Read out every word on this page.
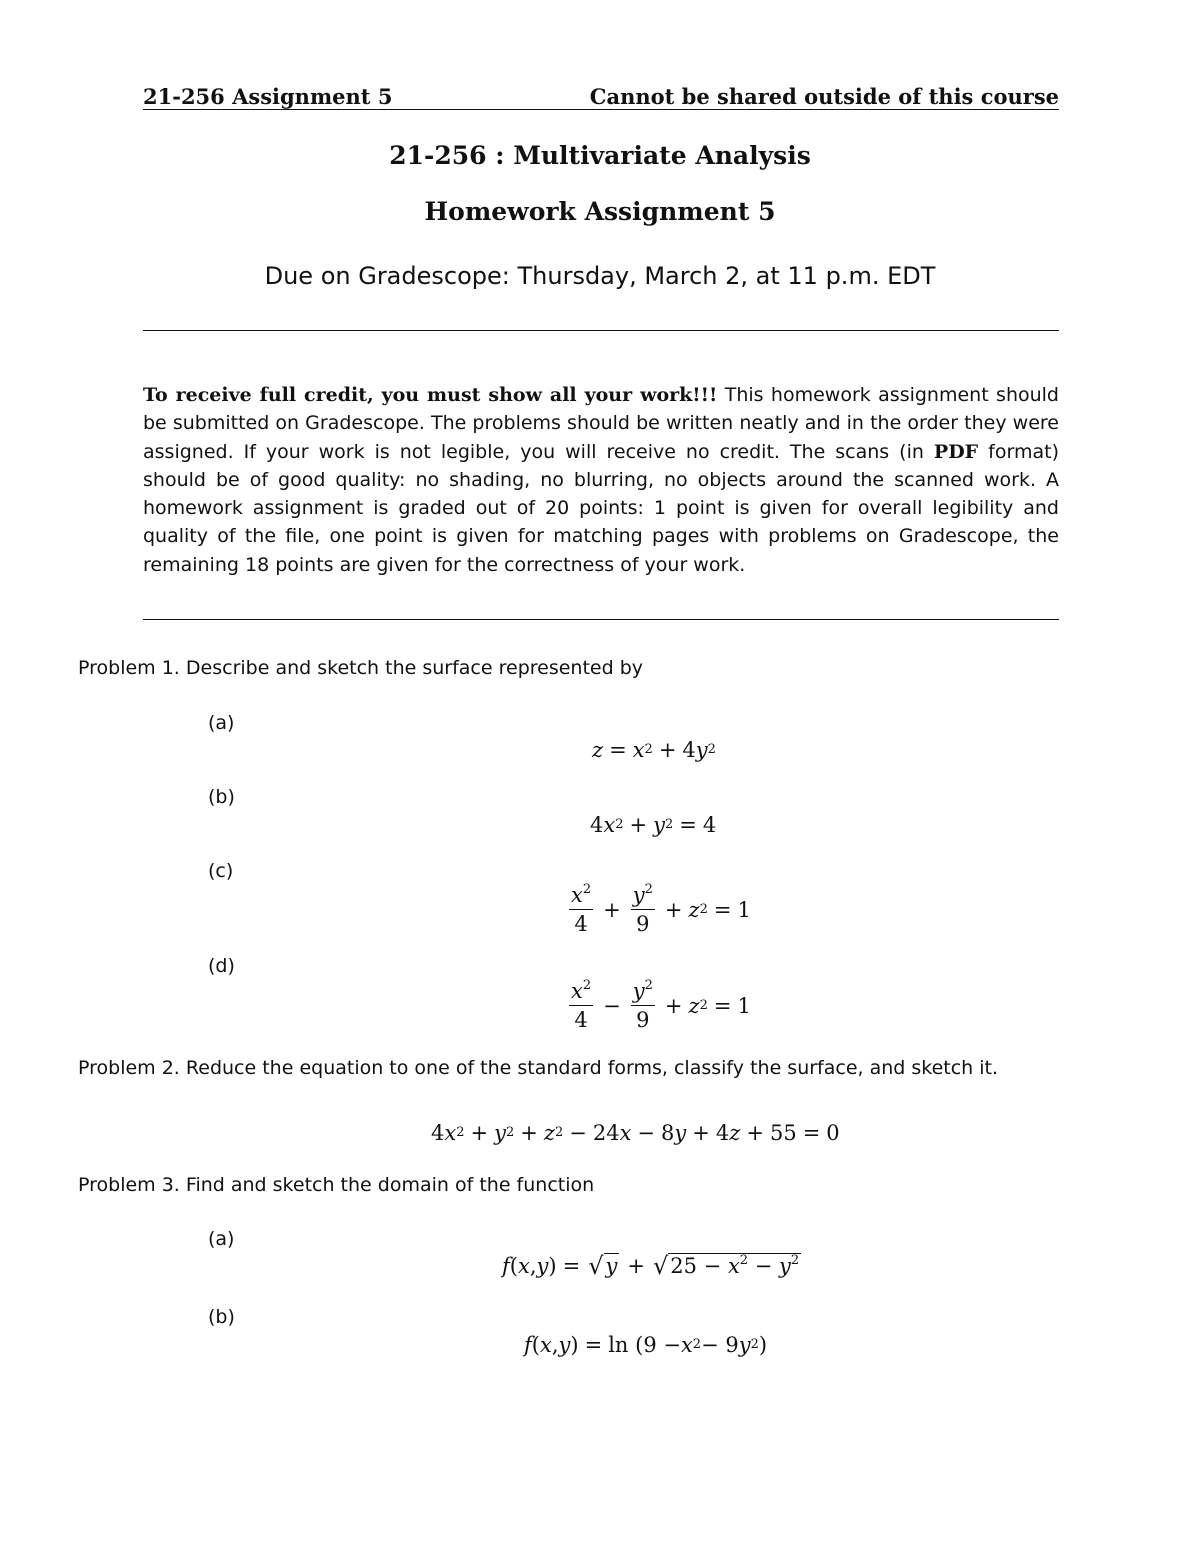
21-256 Assignment 5	Cannot be shared outside of this course
21-256 : Multivariate Analysis
Homework Assignment 5
Due on Gradescope: Thursday, March 2, at 11 p.m. EDT
To receive full credit, you must show all your work!!! This homework assignment should be submitted on Gradescope. The problems should be written neatly and in the order they were assigned. If your work is not legible, you will receive no credit. The scans (in PDF format) should be of good quality: no shading, no blurring, no objects around the scanned work. A homework assignment is graded out of 20 points: 1 point is given for overall legibility and quality of the file, one point is given for matching pages with problems on Gradescope, the remaining 18 points are given for the correctness of your work.
Problem 1. Describe and sketch the surface represented by
(a)
z = x 2 + 4 y 2
(b)
4 x 2 + y 2 = 4
(c)
$\frac{x^2}{4} + \frac{y^2}{9} + z$ 2 = 1
(d)
$\frac{x^2}{4} - \frac{y^2}{9} + z$ 2 = 1
Problem 2. Reduce the equation to one of the standard forms, classify the surface, and sketch it.
4 x 2 + y 2 + z 2 − 24 x − 8 y + 4 z + 55 = 0
Problem 3. Find and sketch the domain of the function
(a)
f ( x , y ) = √ y + √ $25 - x^2 - y^2$
(b)
f ( x , y ) = ln (9 − x 2 − 9 y 2 )
